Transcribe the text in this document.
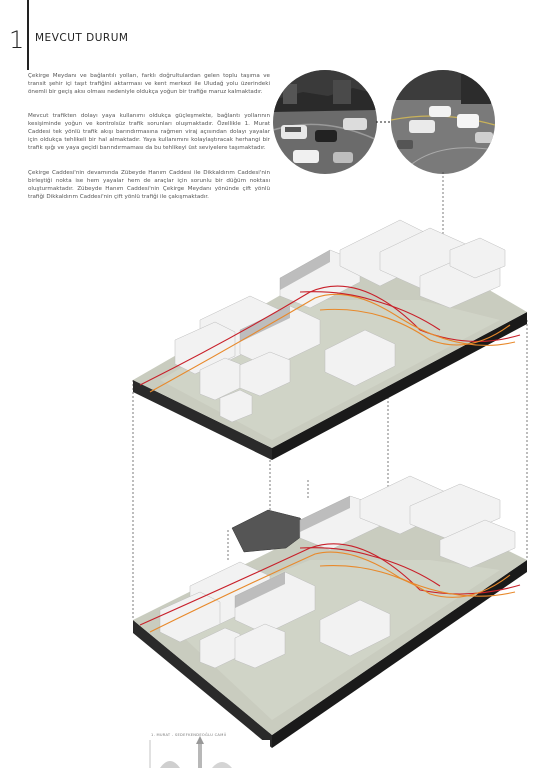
1 MEVCUT DURUM

Çekirge Meydanı ve bağlantılı yolları, farklı doğrultulardan gelen toplu taşıma ve transit şehir içi taşıt trafiğini aktarması ve kent merkezi ile Uludağ yolu üzerindeki önemli bir geçiş aksı olması nedeniyle oldukça yoğun bir trafiğe maruz kalmaktadır.

Mevcut trafikten dolayı yaya kullanımı oldukça güçleşmekte, bağlantı yollarının kesişiminde yoğun ve kontrolsüz trafik sorunları oluşmaktadır. Özellikle 1. Murat Caddesi tek yönlü trafik akışı barındırmasına rağmen viraj açısından dolayı yayalar için oldukça tehlikeli bir hal almaktadır. Yaya kullanımını kolaylaştıracak herhangi bir trafik ışığı ve yaya geçidi barındırmaması da bu tehlikeyi üst seviyelere taşımaktadır.

Çekirge Caddesi'nin devamında Zübeyde Hanım Caddesi ile Dikkaldırım Caddesi'nin birleştiği nokta ise hem yayalar hem de araçlar için sorunlu bir düğüm noktası oluşturmaktadır. Zübeyde Hanım Caddesi'nin Çekirge Meydanı yönünde çift yönlü trafiği Dikkaldırım Caddesi'nin çift yönlü trafiği ile çakışmaktadır.

1. MURAT - SEDEFKENDEOĞLU CAMİİ
